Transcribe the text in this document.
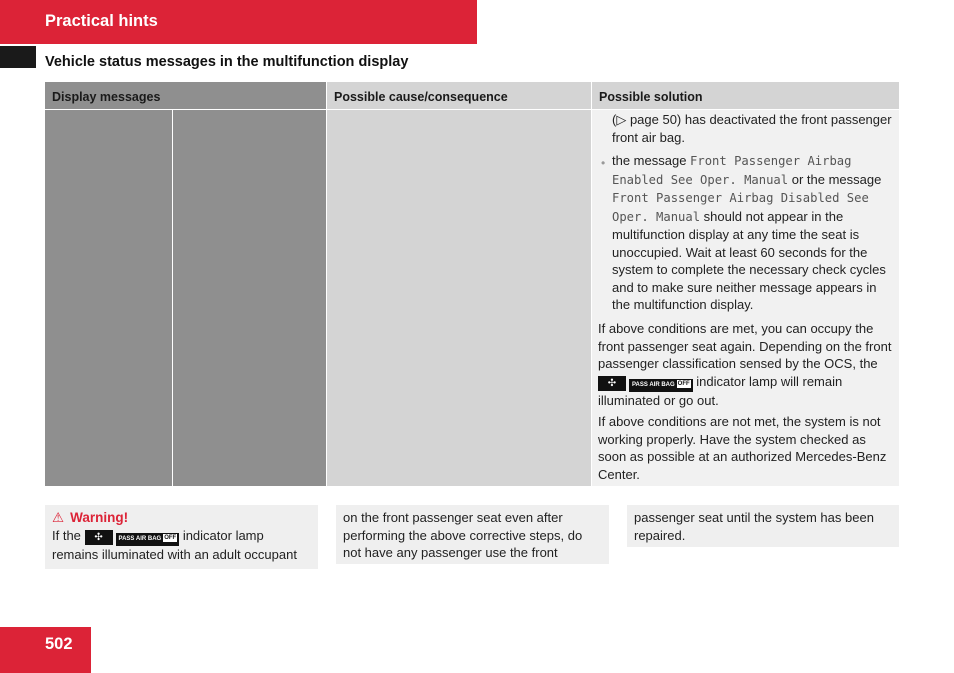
Practical hints
Vehicle status messages in the multifunction display
Display messages	Possible cause/consequence	Possible solution
(▷ page 50) has deactivated the front passenger front air bag.
• the message Front Passenger Airbag Enabled See Oper. Manual or the message Front Passenger Airbag Disabled See Oper. Manual should not appear in the multifunction display at any time the seat is unoccupied. Wait at least 60 seconds for the system to complete the necessary check cycles and to make sure neither message appears in the multifunction display.
If above conditions are met, you can occupy the front passenger seat again. Depending on the front passenger classification sensed by the OCS, the ✣	PASS AIR BAG OFF indicator lamp will remain illuminated or go out.
If above conditions are not met, the system is not working properly. Have the system checked as soon as possible at an authorized Mercedes-Benz Center.
⚠ Warning!
If the ✣	PASS AIR BAG OFF indicator lamp remains illuminated with an adult occupant
on the front passenger seat even after performing the above corrective steps, do not have any passenger use the front
passenger seat until the system has been repaired.
502
